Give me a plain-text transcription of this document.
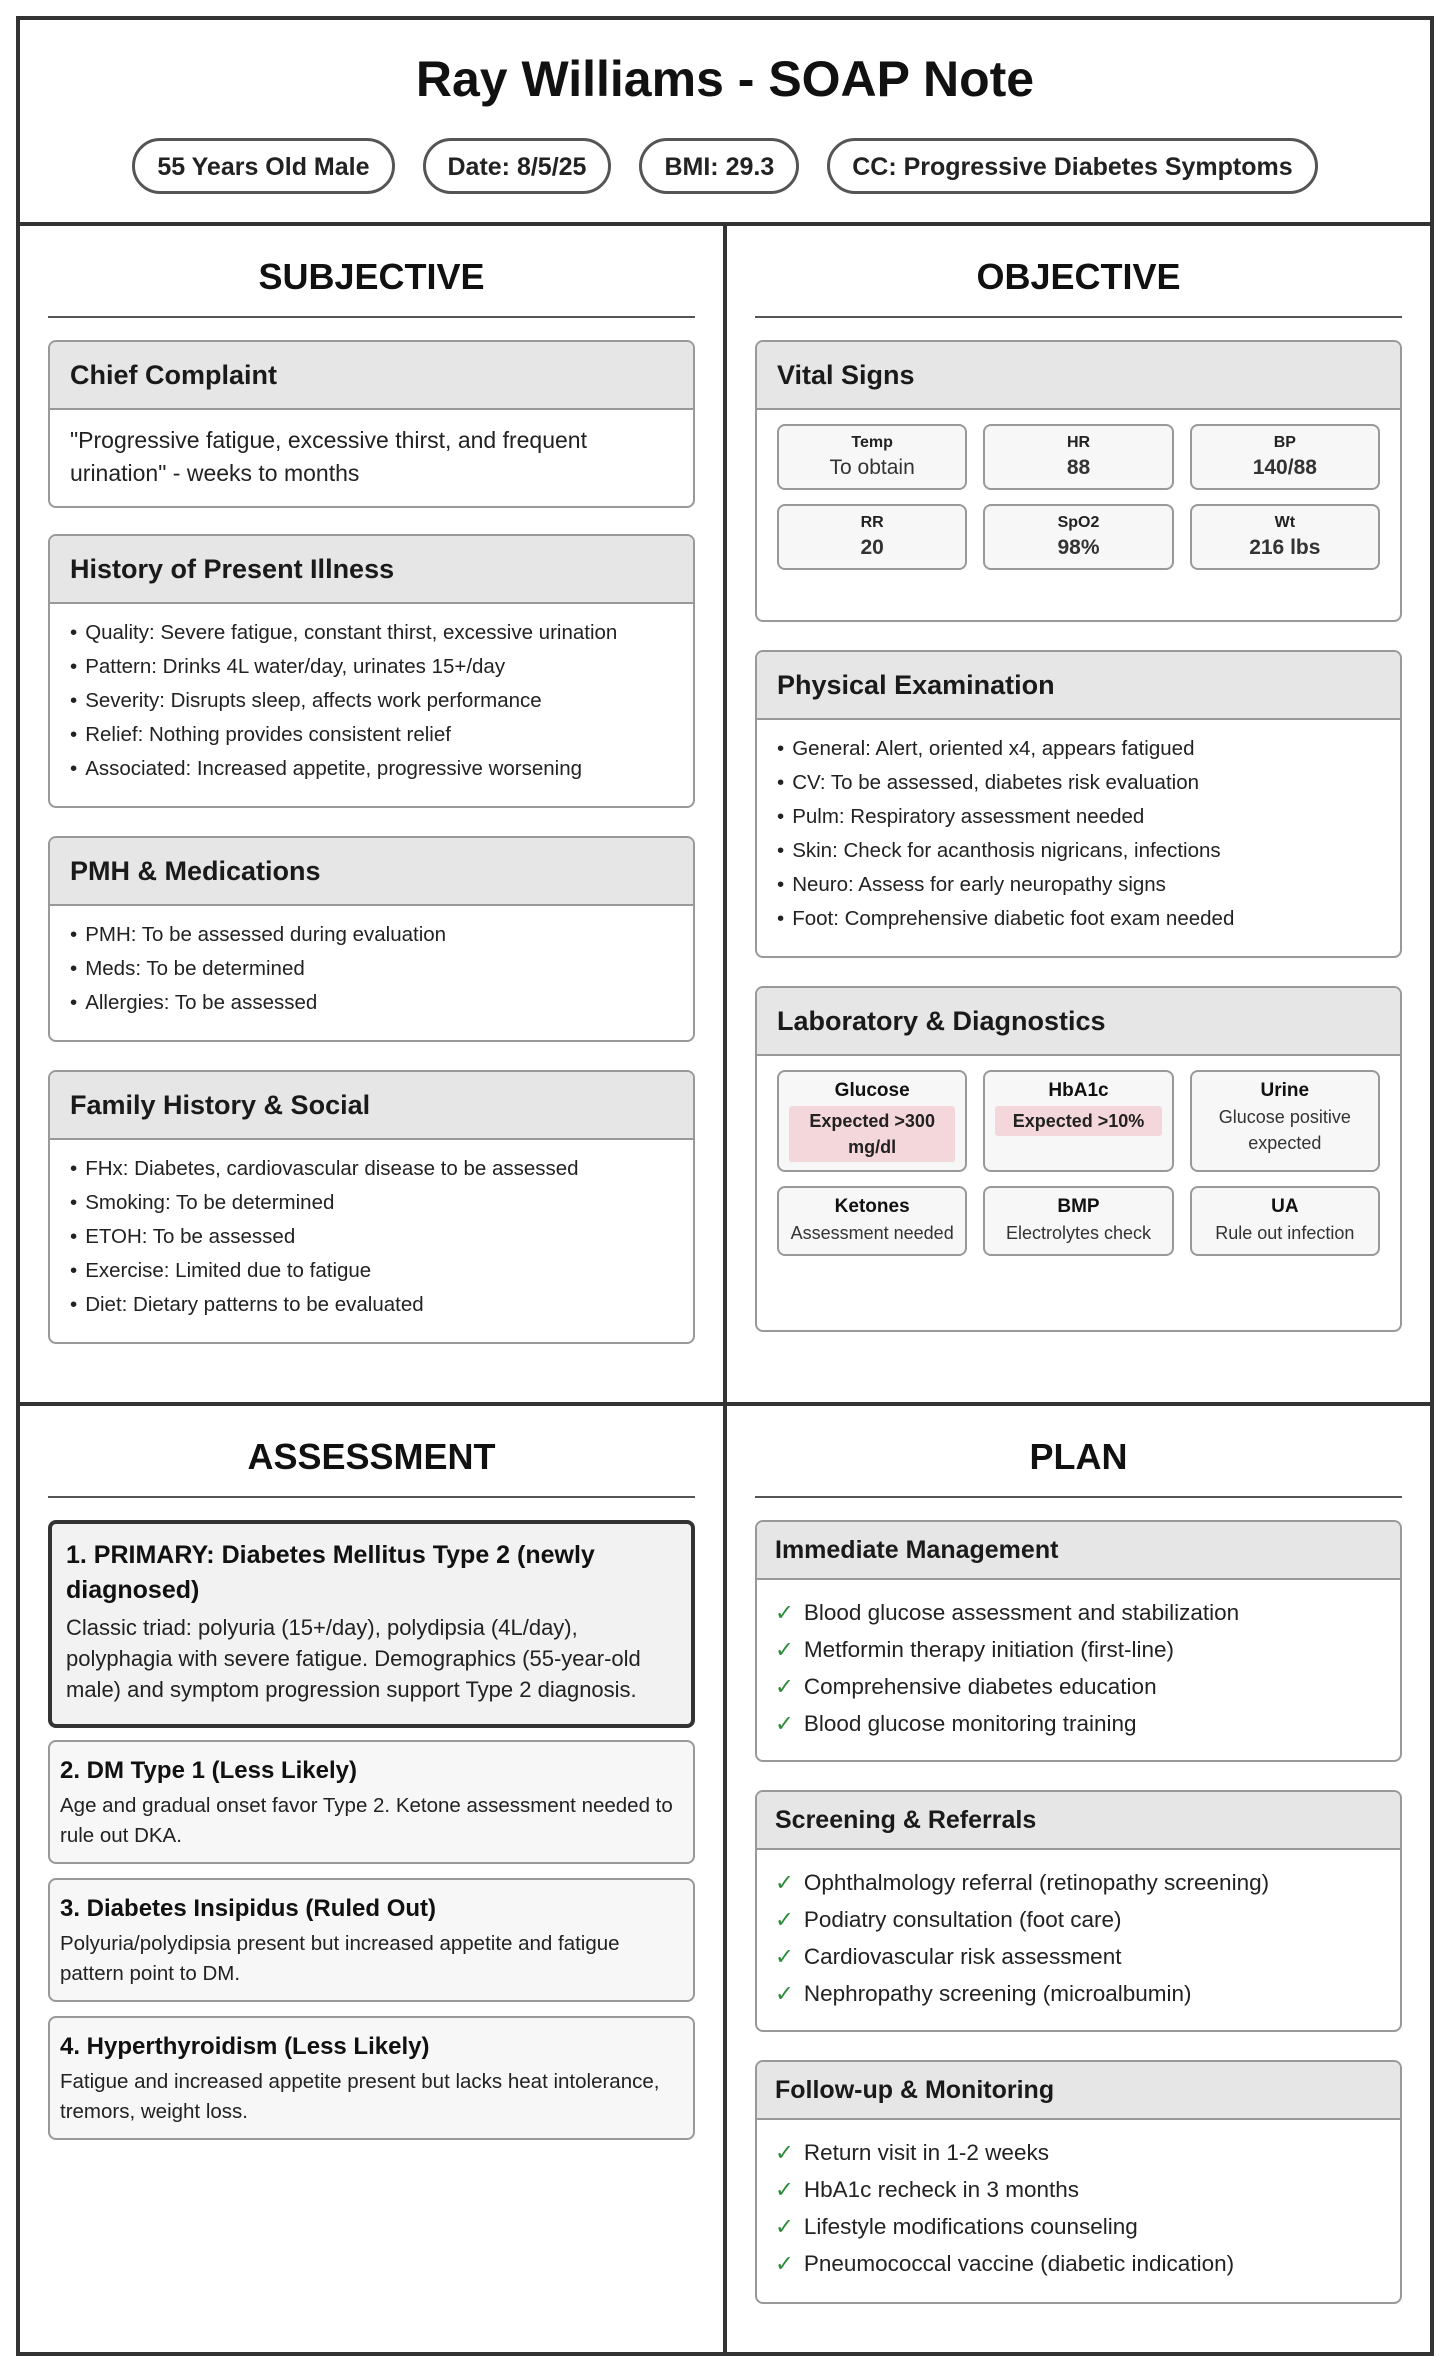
Ray Williams - SOAP Note
55 Years Old Male	Date: 8/5/25	BMI: 29.3	CC: Progressive Diabetes Symptoms
SUBJECTIVE
Chief Complaint
"Progressive fatigue, excessive thirst, and frequent urination" - weeks to months
History of Present Illness
• Quality: Severe fatigue, constant thirst, excessive urination
• Pattern: Drinks 4L water/day, urinates 15+/day
• Severity: Disrupts sleep, affects work performance
• Relief: Nothing provides consistent relief
• Associated: Increased appetite, progressive worsening
PMH & Medications
• PMH: To be assessed during evaluation
• Meds: To be determined
• Allergies: To be assessed
Family History & Social
• FHx: Diabetes, cardiovascular disease to be assessed
• Smoking: To be determined
• ETOH: To be assessed
• Exercise: Limited due to fatigue
• Diet: Dietary patterns to be evaluated
OBJECTIVE
Vital Signs
Temp
To obtain
HR
88
BP
140/88
RR
20
SpO2
98%
Wt
216 lbs
Physical Examination
• General: Alert, oriented x4, appears fatigued
• CV: To be assessed, diabetes risk evaluation
• Pulm: Respiratory assessment needed
• Skin: Check for acanthosis nigricans, infections
• Neuro: Assess for early neuropathy signs
• Foot: Comprehensive diabetic foot exam needed
Laboratory & Diagnostics
Glucose
Expected >300 mg/dl
HbA1c
Expected >10%
Urine
Glucose positive expected
Ketones
Assessment needed
BMP
Electrolytes check
UA
Rule out infection
ASSESSMENT
1. PRIMARY: Diabetes Mellitus Type 2 (newly diagnosed)
Classic triad: polyuria (15+/day), polydipsia (4L/day), polyphagia with severe fatigue. Demographics (55-year-old male) and symptom progression support Type 2 diagnosis.
2. DM Type 1 (Less Likely)
Age and gradual onset favor Type 2. Ketone assessment needed to rule out DKA.
3. Diabetes Insipidus (Ruled Out)
Polyuria/polydipsia present but increased appetite and fatigue pattern point to DM.
4. Hyperthyroidism (Less Likely)
Fatigue and increased appetite present but lacks heat intolerance, tremors, weight loss.
PLAN
Immediate Management
✓ Blood glucose assessment and stabilization
✓ Metformin therapy initiation (first-line)
✓ Comprehensive diabetes education
✓ Blood glucose monitoring training
Screening & Referrals
✓ Ophthalmology referral (retinopathy screening)
✓ Podiatry consultation (foot care)
✓ Cardiovascular risk assessment
✓ Nephropathy screening (microalbumin)
Follow-up & Monitoring
✓ Return visit in 1-2 weeks
✓ HbA1c recheck in 3 months
✓ Lifestyle modifications counseling
✓ Pneumococcal vaccine (diabetic indication)
